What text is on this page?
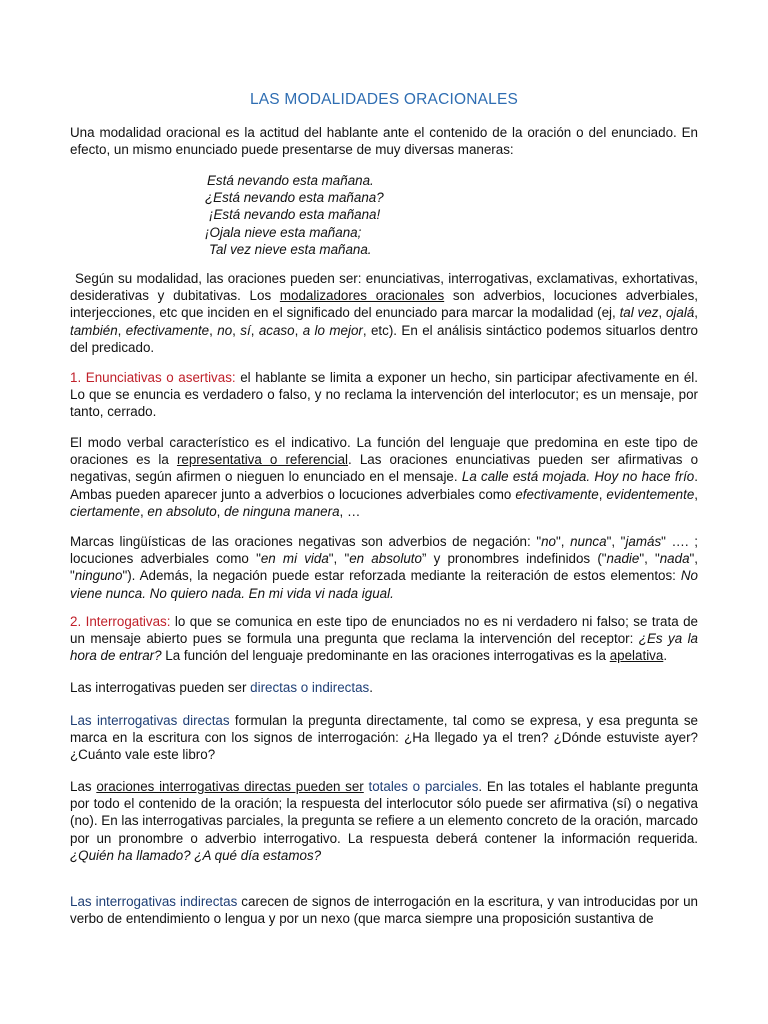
LAS MODALIDADES ORACIONALES

Una modalidad oracional es la actitud del hablante ante el contenido de la oración o del enunciado. En efecto, un mismo enunciado puede presentarse de muy diversas maneras:

Está nevando esta mañana.
¿Está nevando esta mañana?
¡Está nevando esta mañana!
¡Ojala nieve esta mañana;
Tal vez nieve esta mañana.

Según su modalidad, las oraciones pueden ser: enunciativas, interrogativas, exclamativas, exhortativas, desiderativas y dubitativas. Los modalizadores oracionales son adverbios, locuciones adverbiales, interjecciones, etc que inciden en el significado del enunciado para marcar la modalidad (ej, tal vez, ojalá, también, efectivamente, no, sí, acaso, a lo mejor, etc). En el análisis sintáctico podemos situarlos dentro del predicado.

1. Enunciativas o asertivas: el hablante se limita a exponer un hecho, sin participar afectivamente en él. Lo que se enuncia es verdadero o falso, y no reclama la intervención del interlocutor; es un mensaje, por tanto, cerrado.

El modo verbal característico es el indicativo. La función del lenguaje que predomina en este tipo de oraciones es la representativa o referencial. Las oraciones enunciativas pueden ser afirmativas o negativas, según afirmen o nieguen lo enunciado en el mensaje. La calle está mojada. Hoy no hace frío. Ambas pueden aparecer junto a adverbios o locuciones adverbiales como efectivamente, evidentemente, ciertamente, en absoluto, de ninguna manera, …

Marcas lingüísticas de las oraciones negativas son adverbios de negación: "no", nunca", "jamás" …. ; locuciones adverbiales como "en mi vida", "en absoluto” y pronombres indefinidos ("nadie", "nada", "ninguno"). Además, la negación puede estar reforzada mediante la reiteración de estos elementos: No viene nunca. No quiero nada. En mi vida vi nada igual.

2. Interrogativas: lo que se comunica en este tipo de enunciados no es ni verdadero ni falso; se trata de un mensaje abierto pues se formula una pregunta que reclama la intervención del receptor: ¿Es ya la hora de entrar? La función del lenguaje predominante en las oraciones interrogativas es la apelativa.

Las interrogativas pueden ser directas o indirectas.

Las interrogativas directas formulan la pregunta directamente, tal como se expresa, y esa pregunta se marca en la escritura con los signos de interrogación: ¿Ha llegado ya el tren? ¿Dónde estuviste ayer? ¿Cuánto vale este libro?

Las oraciones interrogativas directas pueden ser totales o parciales. En las totales el hablante pregunta por todo el contenido de la oración; la respuesta del interlocutor sólo puede ser afirmativa (sí) o negativa (no). En las interrogativas parciales, la pregunta se refiere a un elemento concreto de la oración, marcado por un pronombre o adverbio interrogativo. La respuesta deberá contener la información requerida. ¿Quién ha llamado? ¿A qué día estamos?

Las interrogativas indirectas carecen de signos de interrogación en la escritura, y van introducidas por un verbo de entendimiento o lengua y por un nexo (que marca siempre una proposición sustantiva de
